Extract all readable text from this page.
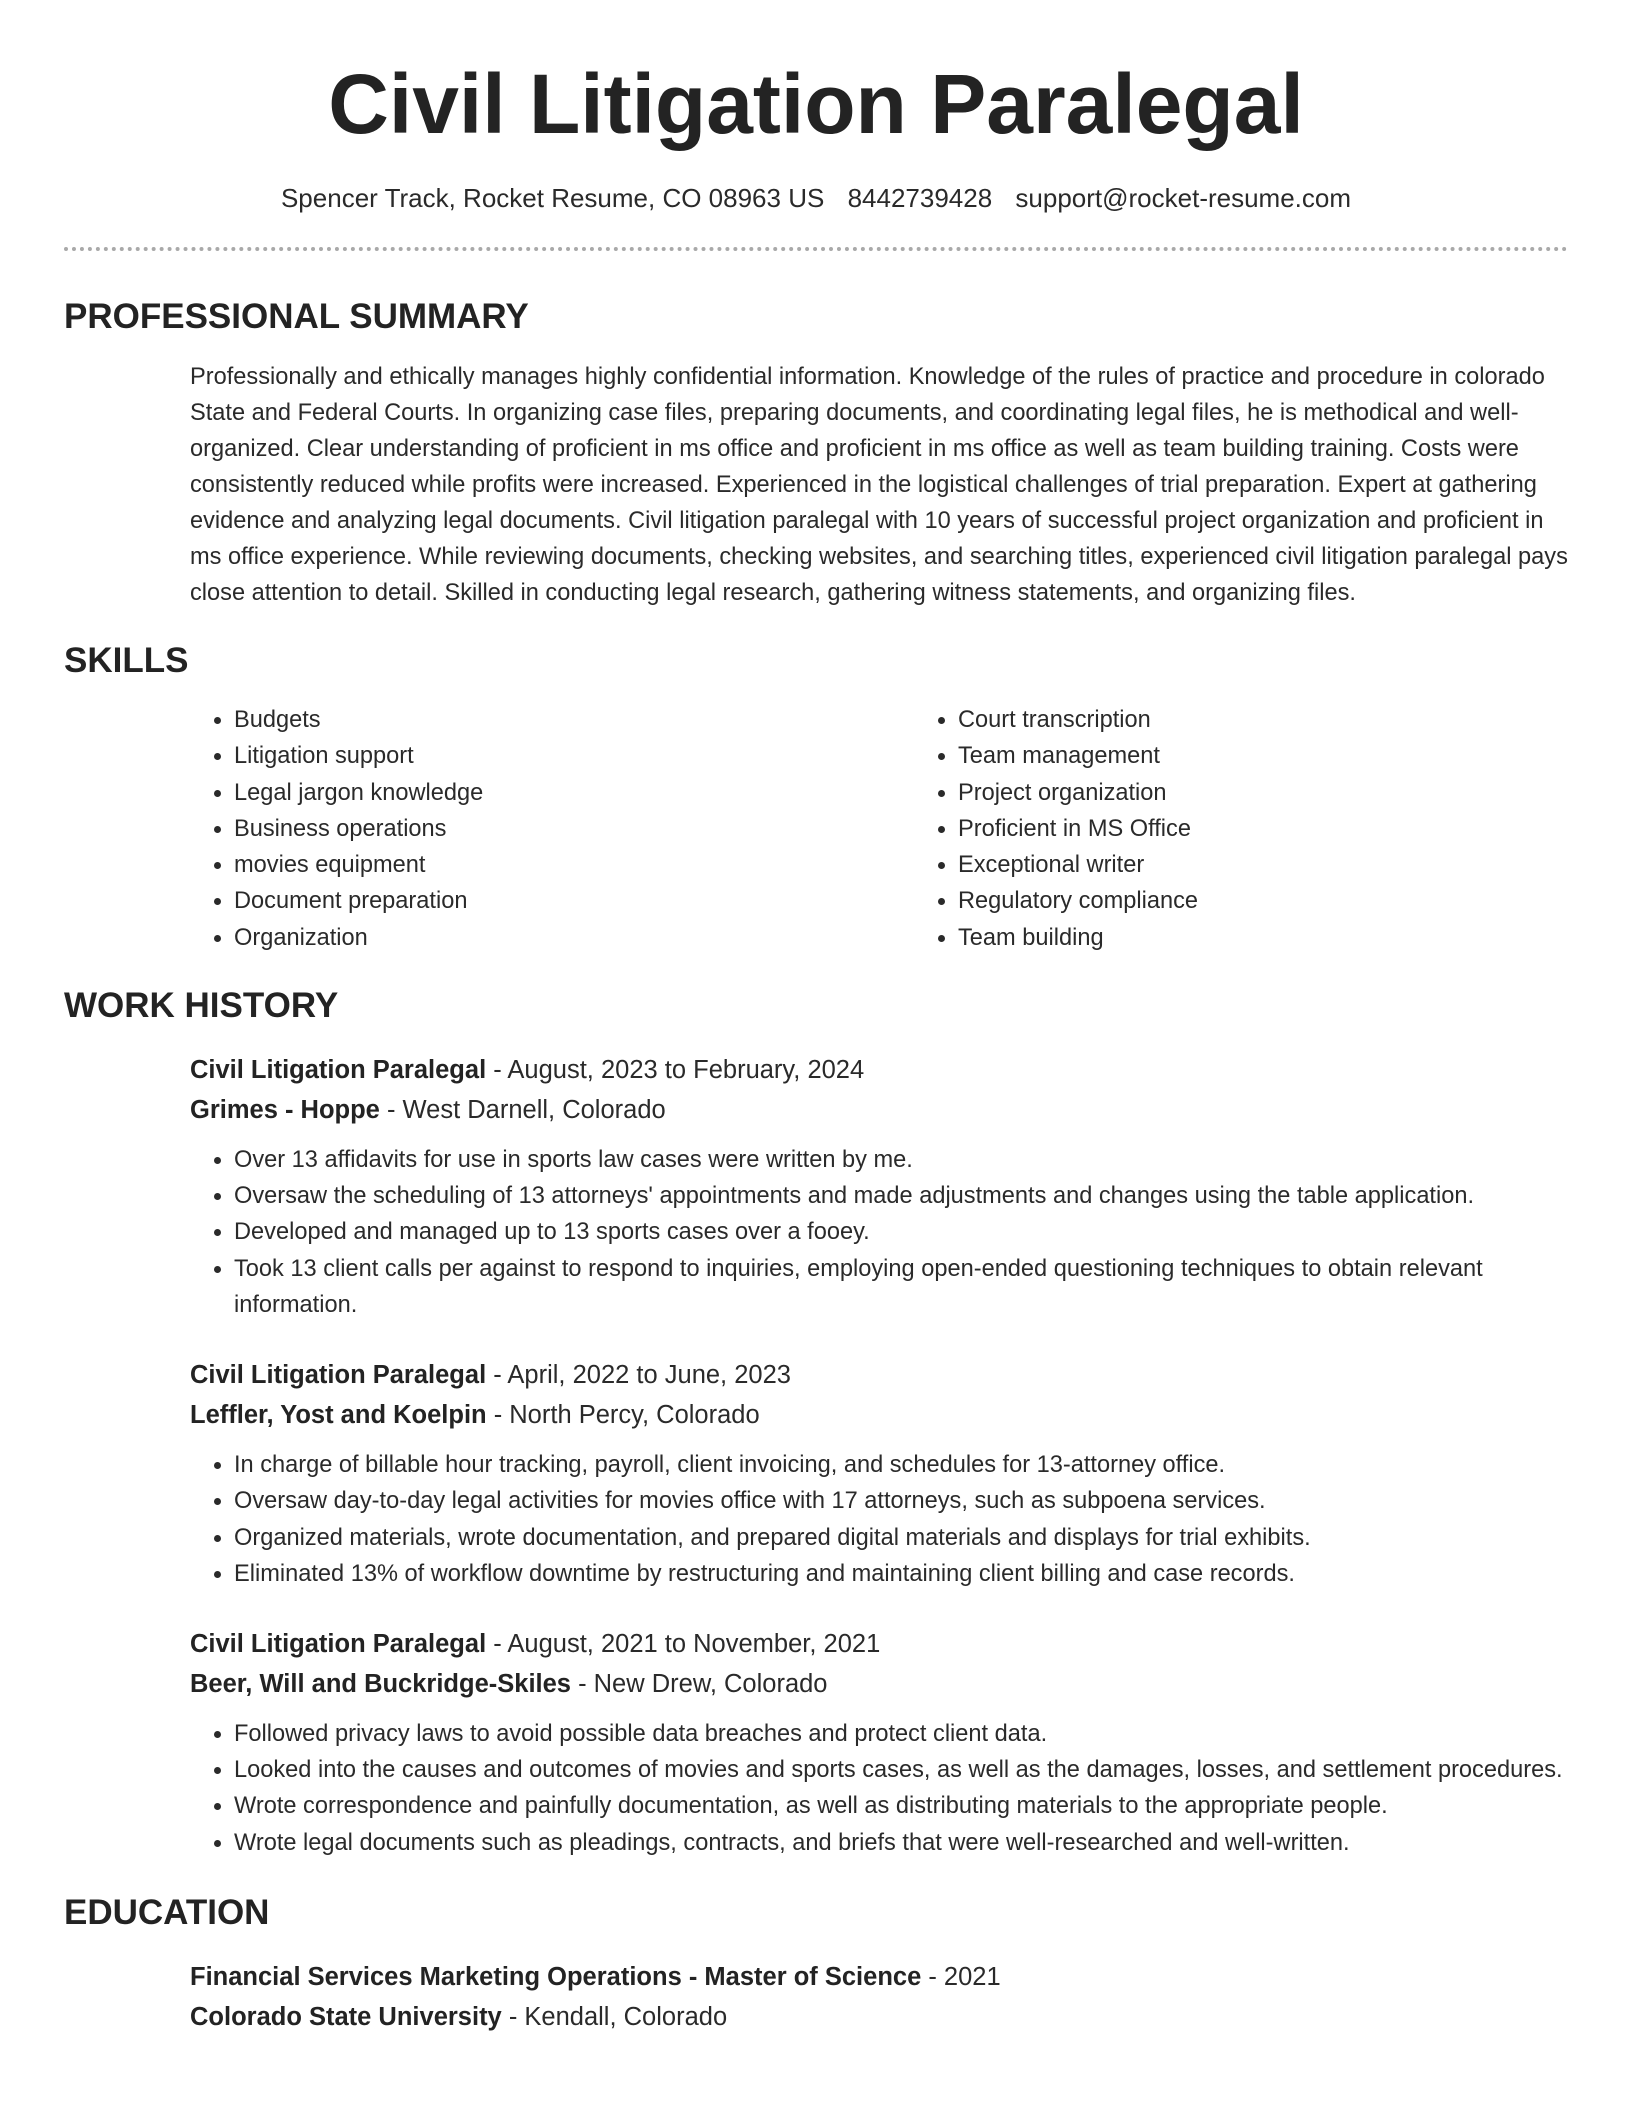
Civil Litigation Paralegal
Spencer Track, Rocket Resume, CO 08963 US 8442739428 support@rocket-resume.com
PROFESSIONAL SUMMARY

Professionally and ethically manages highly confidential information. Knowledge of the rules of practice and procedure in colorado State and Federal Courts. In organizing case files, preparing documents, and coordinating legal files, he is methodical and well-organized. Clear understanding of proficient in ms office and proficient in ms office as well as team building training. Costs were consistently reduced while profits were increased. Experienced in the logistical challenges of trial preparation. Expert at gathering evidence and analyzing legal documents. Civil litigation paralegal with 10 years of successful project organization and proficient in ms office experience. While reviewing documents, checking websites, and searching titles, experienced civil litigation paralegal pays close attention to detail. Skilled in conducting legal research, gathering witness statements, and organizing files.

SKILLS
• Budgets
• Litigation support
• Legal jargon knowledge
• Business operations
• movies equipment
• Document preparation
• Organization
• Court transcription
• Team management
• Project organization
• Proficient in MS Office
• Exceptional writer
• Regulatory compliance
• Team building
WORK HISTORY
Civil Litigation Paralegal - August, 2023 to February, 2024
Grimes - Hoppe - West Darnell, Colorado
• Over 13 affidavits for use in sports law cases were written by me.
• Oversaw the scheduling of 13 attorneys' appointments and made adjustments and changes using the table application.
• Developed and managed up to 13 sports cases over a fooey.
• Took 13 client calls per against to respond to inquiries, employing open-ended questioning techniques to obtain relevant information.
Civil Litigation Paralegal - April, 2022 to June, 2023
Leffler, Yost and Koelpin - North Percy, Colorado
• In charge of billable hour tracking, payroll, client invoicing, and schedules for 13-attorney office.
• Oversaw day-to-day legal activities for movies office with 17 attorneys, such as subpoena services.
• Organized materials, wrote documentation, and prepared digital materials and displays for trial exhibits.
• Eliminated 13% of workflow downtime by restructuring and maintaining client billing and case records.
Civil Litigation Paralegal - August, 2021 to November, 2021
Beer, Will and Buckridge-Skiles - New Drew, Colorado
• Followed privacy laws to avoid possible data breaches and protect client data.
• Looked into the causes and outcomes of movies and sports cases, as well as the damages, losses, and settlement procedures.
• Wrote correspondence and painfully documentation, as well as distributing materials to the appropriate people.
• Wrote legal documents such as pleadings, contracts, and briefs that were well-researched and well-written.
EDUCATION
Financial Services Marketing Operations - Master of Science - 2021
Colorado State University - Kendall, Colorado
